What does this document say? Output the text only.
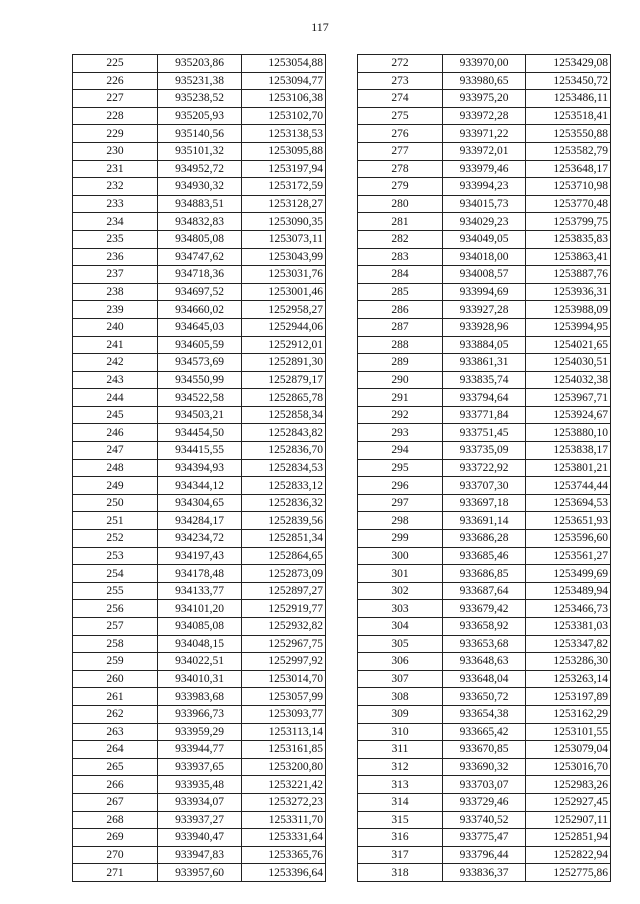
117
225	935203,86	1253054,88
226	935231,38	1253094,77
227	935238,52	1253106,38
228	935205,93	1253102,70
229	935140,56	1253138,53
230	935101,32	1253095,88
231	934952,72	1253197,94
232	934930,32	1253172,59
233	934883,51	1253128,27
234	934832,83	1253090,35
235	934805,08	1253073,11
236	934747,62	1253043,99
237	934718,36	1253031,76
238	934697,52	1253001,46
239	934660,02	1252958,27
240	934645,03	1252944,06
241	934605,59	1252912,01
242	934573,69	1252891,30
243	934550,99	1252879,17
244	934522,58	1252865,78
245	934503,21	1252858,34
246	934454,50	1252843,82
247	934415,55	1252836,70
248	934394,93	1252834,53
249	934344,12	1252833,12
250	934304,65	1252836,32
251	934284,17	1252839,56
252	934234,72	1252851,34
253	934197,43	1252864,65
254	934178,48	1252873,09
255	934133,77	1252897,27
256	934101,20	1252919,77
257	934085,08	1252932,82
258	934048,15	1252967,75
259	934022,51	1252997,92
260	934010,31	1253014,70
261	933983,68	1253057,99
262	933966,73	1253093,77
263	933959,29	1253113,14
264	933944,77	1253161,85
265	933937,65	1253200,80
266	933935,48	1253221,42
267	933934,07	1253272,23
268	933937,27	1253311,70
269	933940,47	1253331,64
270	933947,83	1253365,76
271	933957,60	1253396,64
272	933970,00	1253429,08
273	933980,65	1253450,72
274	933975,20	1253486,11
275	933972,28	1253518,41
276	933971,22	1253550,88
277	933972,01	1253582,79
278	933979,46	1253648,17
279	933994,23	1253710,98
280	934015,73	1253770,48
281	934029,23	1253799,75
282	934049,05	1253835,83
283	934018,00	1253863,41
284	934008,57	1253887,76
285	933994,69	1253936,31
286	933927,28	1253988,09
287	933928,96	1253994,95
288	933884,05	1254021,65
289	933861,31	1254030,51
290	933835,74	1254032,38
291	933794,64	1253967,71
292	933771,84	1253924,67
293	933751,45	1253880,10
294	933735,09	1253838,17
295	933722,92	1253801,21
296	933707,30	1253744,44
297	933697,18	1253694,53
298	933691,14	1253651,93
299	933686,28	1253596,60
300	933685,46	1253561,27
301	933686,85	1253499,69
302	933687,64	1253489,94
303	933679,42	1253466,73
304	933658,92	1253381,03
305	933653,68	1253347,82
306	933648,63	1253286,30
307	933648,04	1253263,14
308	933650,72	1253197,89
309	933654,38	1253162,29
310	933665,42	1253101,55
311	933670,85	1253079,04
312	933690,32	1253016,70
313	933703,07	1252983,26
314	933729,46	1252927,45
315	933740,52	1252907,11
316	933775,47	1252851,94
317	933796,44	1252822,94
318	933836,37	1252775,86
